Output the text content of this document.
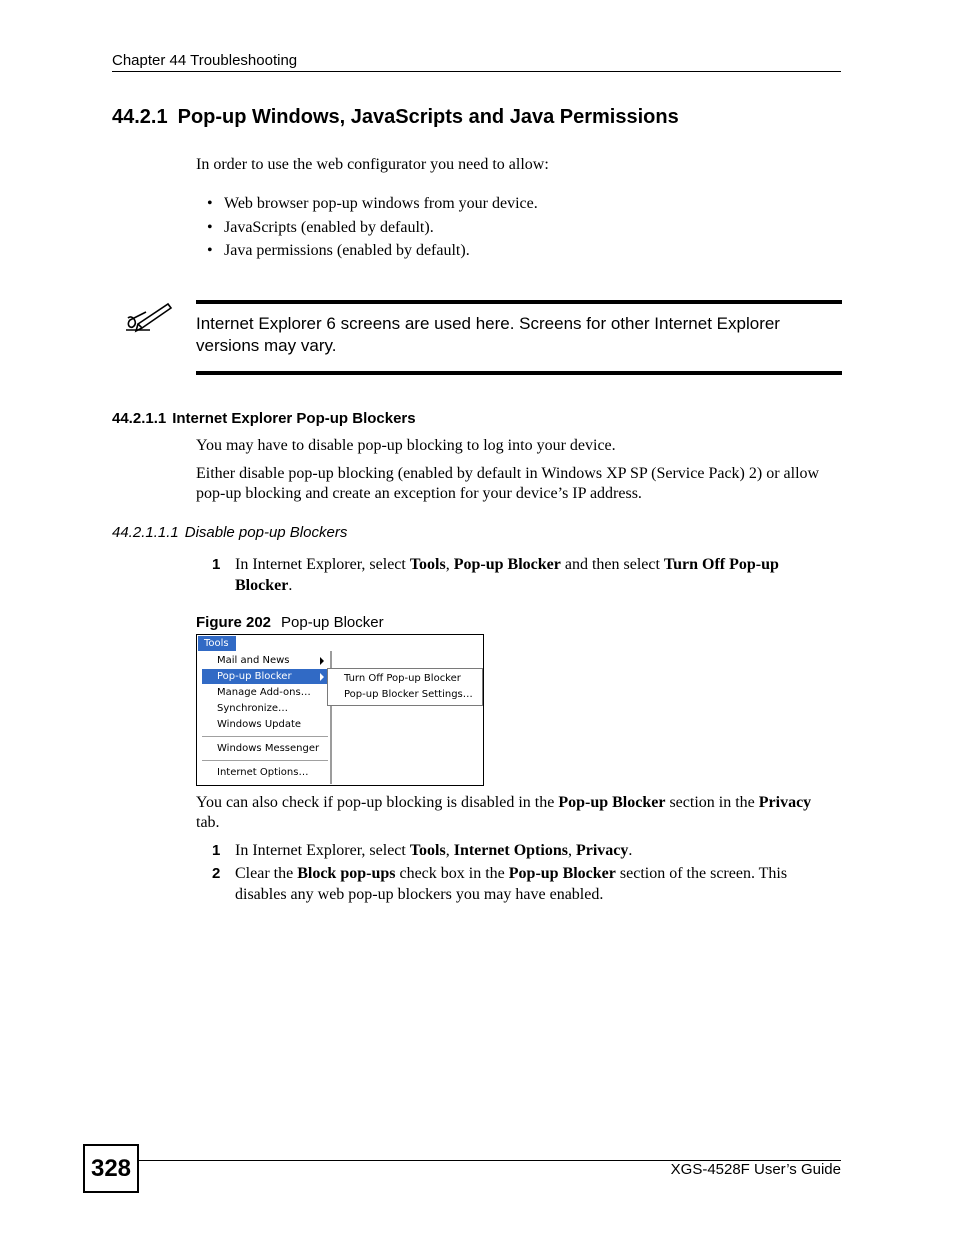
Chapter 44 Troubleshooting
44.2.1 Pop-up Windows, JavaScripts and Java Permissions
In order to use the web configurator you need to allow:
• Web browser pop-up windows from your device.
• JavaScripts (enabled by default).
• Java permissions (enabled by default).
Internet Explorer 6 screens are used here. Screens for other Internet Explorer versions may vary.
44.2.1.1 Internet Explorer Pop-up Blockers
You may have to disable pop-up blocking to log into your device.
Either disable pop-up blocking (enabled by default in Windows XP SP (Service Pack) 2) or allow pop-up blocking and create an exception for your device’s IP address.
44.2.1.1.1 Disable pop-up Blockers
1 In Internet Explorer, select Tools, Pop-up Blocker and then select Turn Off Pop-up Blocker.
Figure 202 Pop-up Blocker
Tools
Mail and News
Pop-up Blocker
Manage Add-ons…
Synchronize…
Windows Update
Windows Messenger
Internet Options…
Turn Off Pop-up Blocker
Pop-up Blocker Settings…
You can also check if pop-up blocking is disabled in the Pop-up Blocker section in the Privacy tab.
1 In Internet Explorer, select Tools, Internet Options, Privacy.
2 Clear the Block pop-ups check box in the Pop-up Blocker section of the screen. This disables any web pop-up blockers you may have enabled.
328	XGS-4528F User’s Guide
